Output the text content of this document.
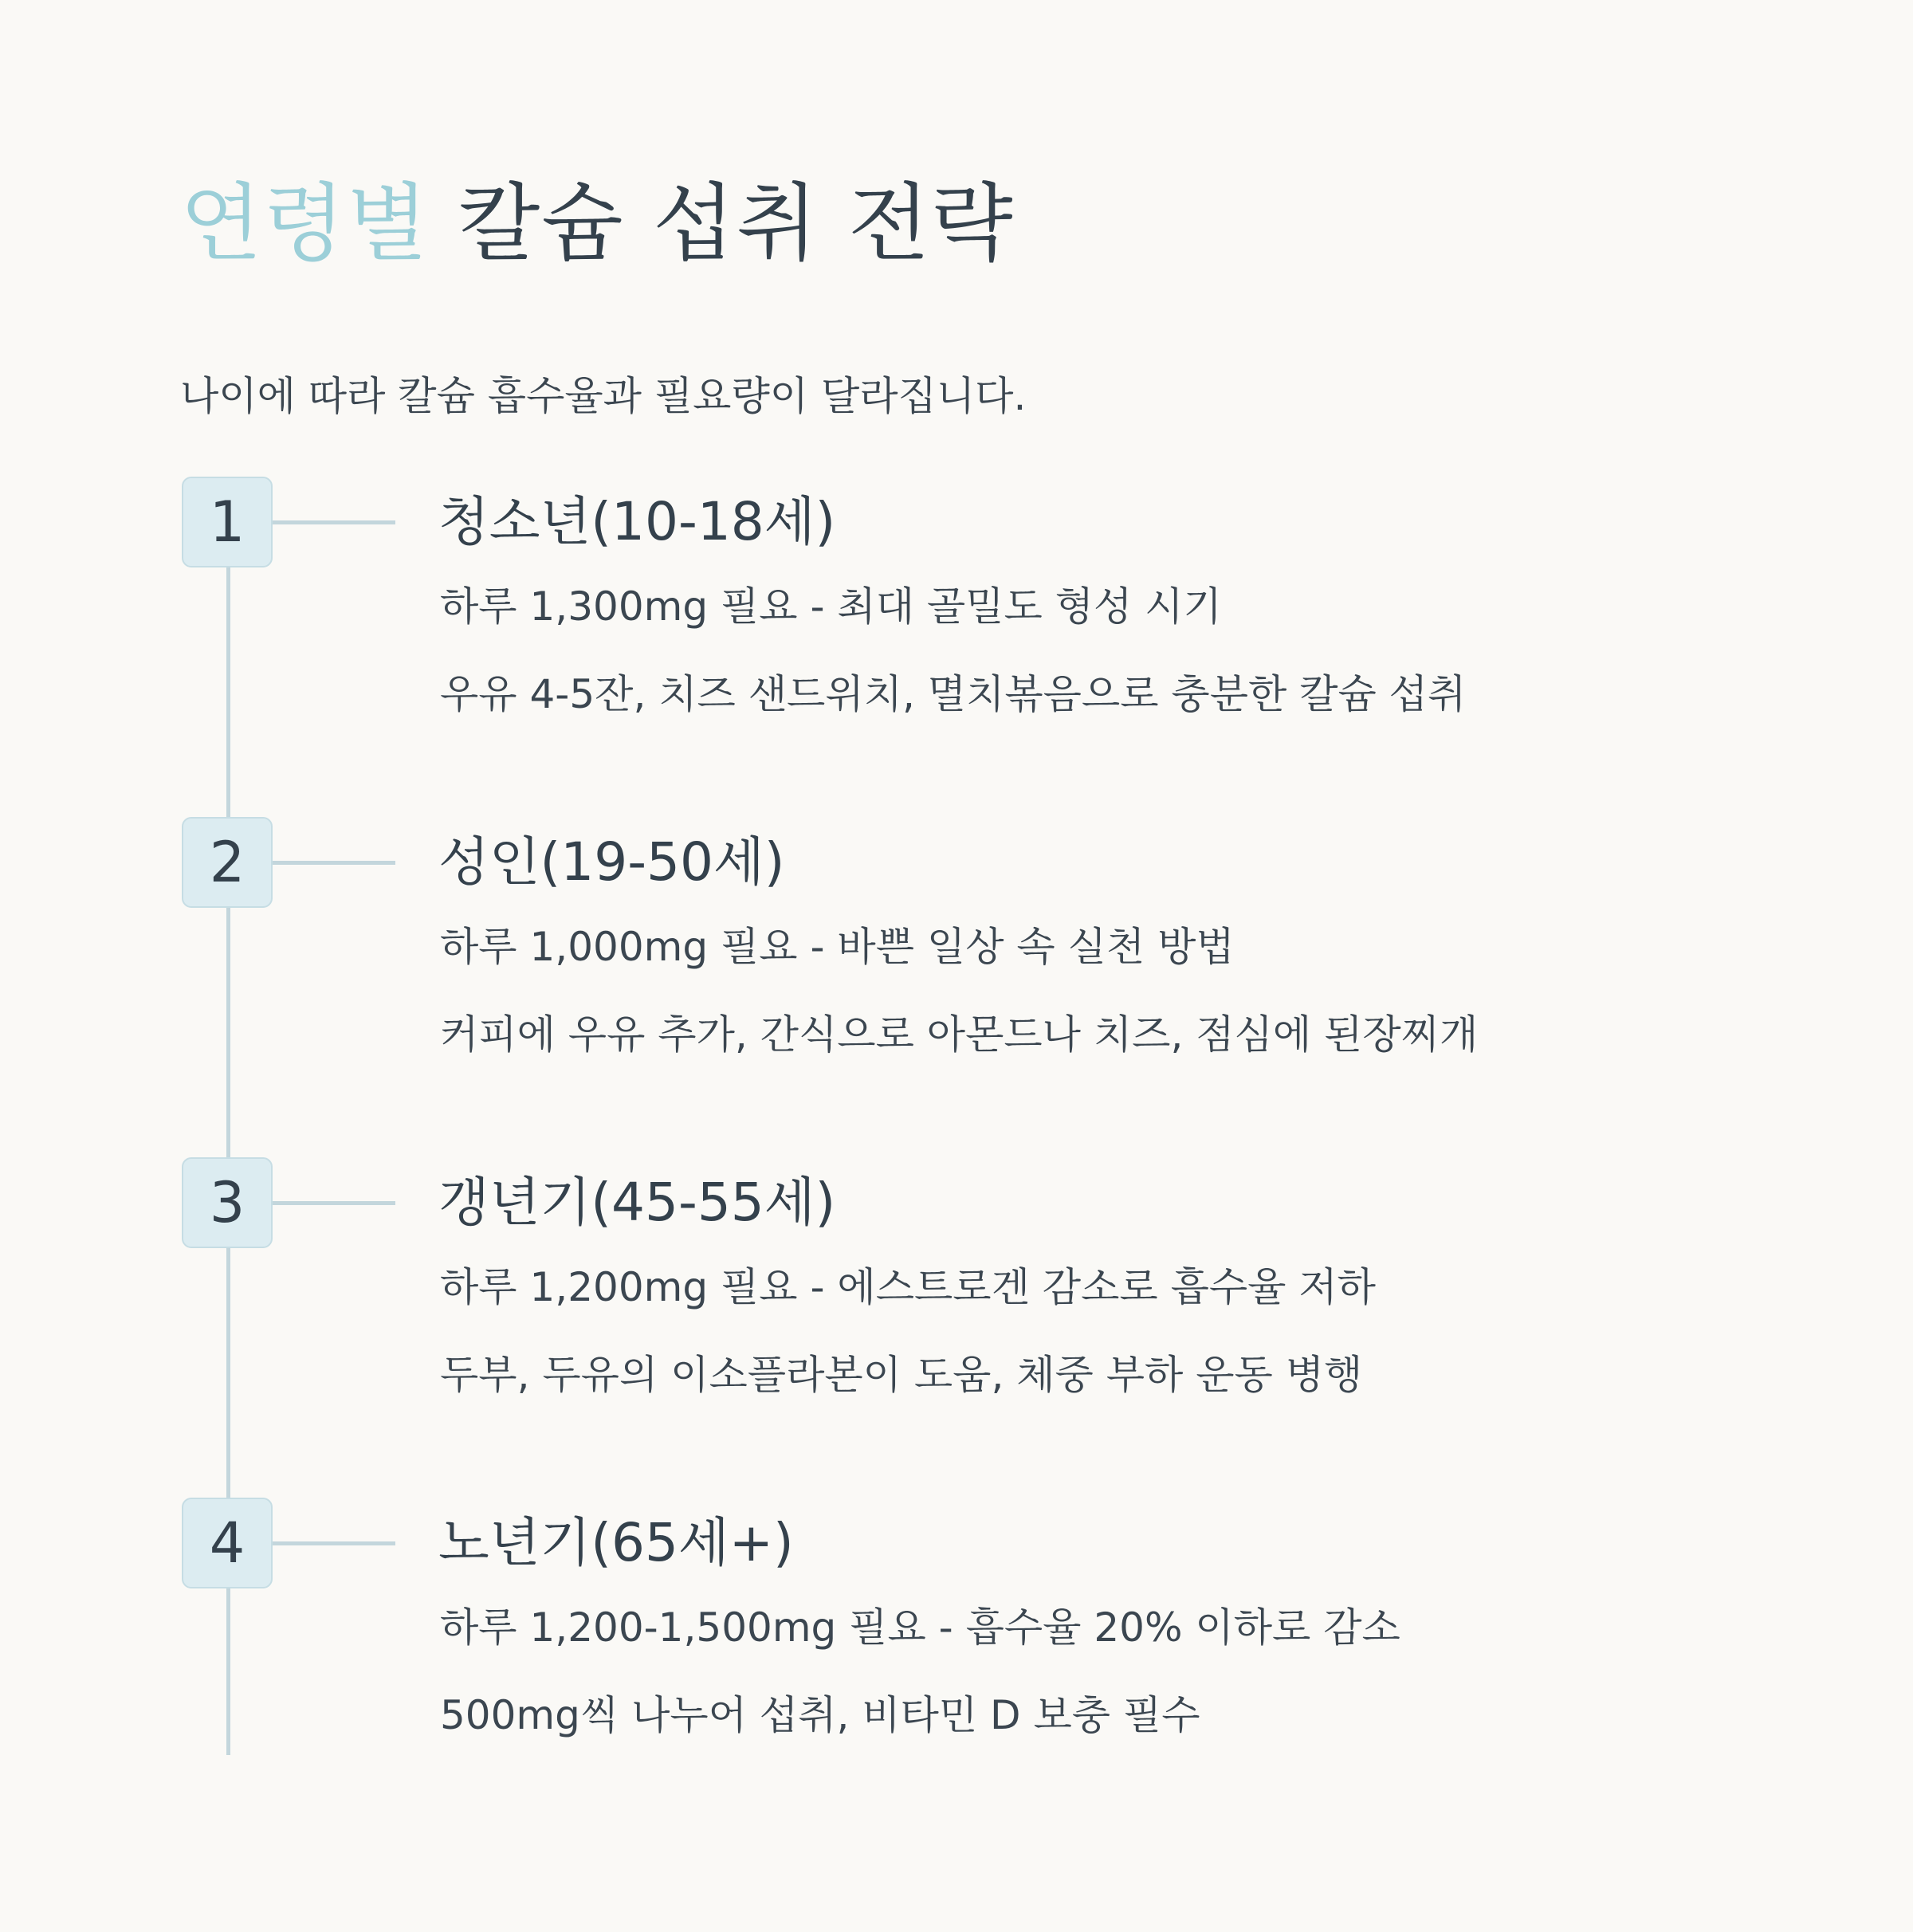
연령별 칼슘 섭취 전략

나이에 따라 칼슘 흡수율과 필요량이 달라집니다.

1	청소년(10-18세)

하루 1,300mg 필요 - 최대 골밀도 형성 시기

우유 4-5잔, 치즈 샌드위치, 멸치볶음으로 충분한 칼슘 섭취

2	성인(19-50세)

하루 1,000mg 필요 - 바쁜 일상 속 실천 방법

커피에 우유 추가, 간식으로 아몬드나 치즈, 점심에 된장찌개

3	갱년기(45-55세)

하루 1,200mg 필요 - 에스트로겐 감소로 흡수율 저하

두부, 두유의 이소플라본이 도움, 체중 부하 운동 병행

4	노년기(65세+)

하루 1,200-1,500mg 필요 - 흡수율 20% 이하로 감소

500mg씩 나누어 섭취, 비타민 D 보충 필수
